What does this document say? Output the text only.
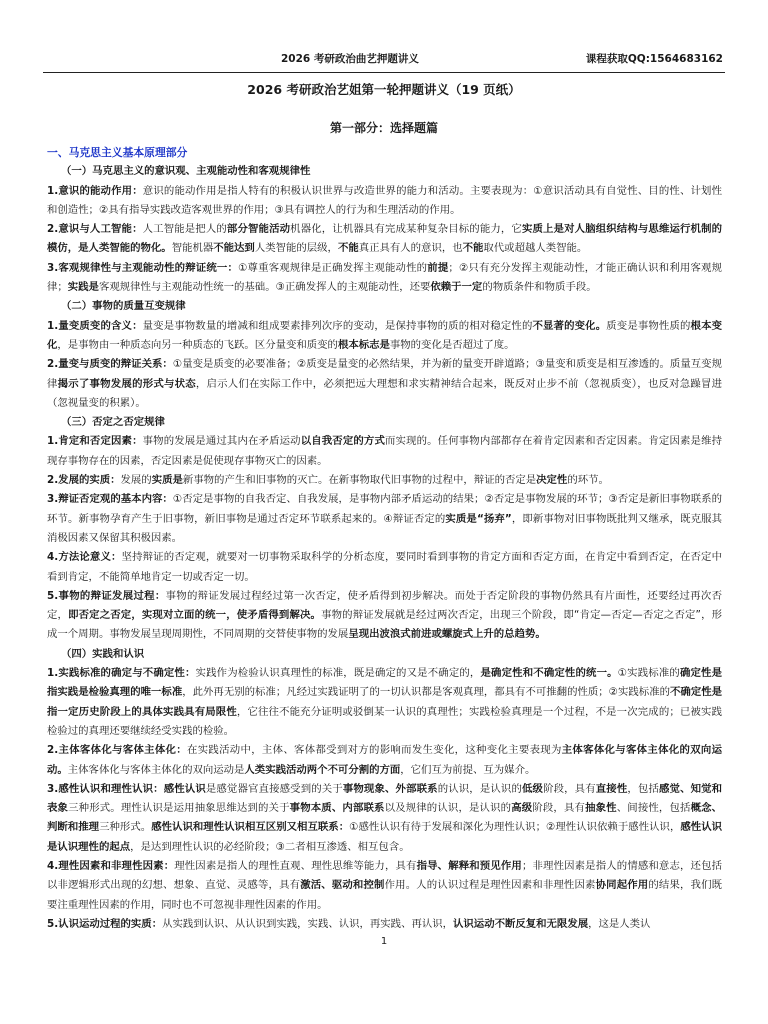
2026 考研政治曲艺押题讲义	课程获取QQ:1564683162
2026 考研政治艺姐第一轮押题讲义（19 页纸）
第一部分：选择题篇
一、马克思主义基本原理部分
（一）马克思主义的意识观、主观能动性和客观规律性
1.意识的能动作用：意识的能动作用是指人特有的积极认识世界与改造世界的能力和活动。主要表现为：①意识活动具有自觉性、目的性、计划性和创造性；②具有指导实践改造客观世界的作用；③具有调控人的行为和生理活动的作用。
2.意识与人工智能：人工智能是把人的部分智能活动机器化，让机器具有完成某种复杂目标的能力，它实质上是对人脑组织结构与思维运行机制的模仿，是人类智能的物化。智能机器不能达到人类智能的层级，不能真正具有人的意识，也不能取代或超越人类智能。
3.客观规律性与主观能动性的辩证统一：①尊重客观规律是正确发挥主观能动性的前提；②只有充分发挥主观能动性，才能正确认识和利用客观规律；实践是客观规律性与主观能动性统一的基础。③正确发挥人的主观能动性，还要依赖于一定的物质条件和物质手段。
（二）事物的质量互变规律
1.量变质变的含义：量变是事物数量的增减和组成要素排列次序的变动，是保持事物的质的相对稳定性的不显著的变化。质变是事物性质的根本变化，是事物由一种质态向另一种质态的飞跃。区分量变和质变的根本标志是事物的变化是否超过了度。
2.量变与质变的辩证关系：①量变是质变的必要准备；②质变是量变的必然结果，并为新的量变开辟道路；③量变和质变是相互渗透的。质量互变规律揭示了事物发展的形式与状态，启示人们在实际工作中，必须把远大理想和求实精神结合起来，既反对止步不前（忽视质变），也反对急躁冒进（忽视量变的积累）。
（三）否定之否定规律
1.肯定和否定因素：事物的发展是通过其内在矛盾运动以自我否定的方式而实现的。任何事物内部都存在着肯定因素和否定因素。肯定因素是维持现存事物存在的因素，否定因素是促使现存事物灭亡的因素。
2.发展的实质：发展的实质是新事物的产生和旧事物的灭亡。在新事物取代旧事物的过程中，辩证的否定是决定性的环节。
3.辩证否定观的基本内容：①否定是事物的自我否定、自我发展，是事物内部矛盾运动的结果；②否定是事物发展的环节；③否定是新旧事物联系的环节。新事物孕育产生于旧事物，新旧事物是通过否定环节联系起来的。④辩证否定的实质是“扬弃”，即新事物对旧事物既批判又继承，既克服其消极因素又保留其积极因素。
4.方法论意义：坚持辩证的否定观，就要对一切事物采取科学的分析态度，要同时看到事物的肯定方面和否定方面，在肯定中看到否定，在否定中看到肯定，不能简单地肯定一切或否定一切。
5.事物的辩证发展过程：事物的辩证发展过程经过第一次否定，使矛盾得到初步解决。而处于否定阶段的事物仍然具有片面性，还要经过再次否定，即否定之否定，实现对立面的统一，使矛盾得到解决。事物的辩证发展就是经过两次否定，出现三个阶段，即“肯定—否定—否定之否定”，形成一个周期。事物发展呈现周期性，不同周期的交替使事物的发展呈现出波浪式前进或螺旋式上升的总趋势。
（四）实践和认识
1.实践标准的确定与不确定性：实践作为检验认识真理性的标准，既是确定的又是不确定的，是确定性和不确定性的统一。①实践标准的确定性是指实践是检验真理的唯一标准，此外再无别的标准；凡经过实践证明了的一切认识都是客观真理，都具有不可推翻的性质；②实践标准的不确定性是指一定历史阶段上的具体实践具有局限性，它往往不能充分证明或驳倒某一认识的真理性；实践检验真理是一个过程，不是一次完成的；已被实践检验过的真理还要继续经受实践的检验。
2.主体客体化与客体主体化：在实践活动中，主体、客体都受到对方的影响而发生变化，这种变化主要表现为主体客体化与客体主体化的双向运动。主体客体化与客体主体化的双向运动是人类实践活动两个不可分割的方面，它们互为前提、互为媒介。
3.感性认识和理性认识：感性认识是感觉器官直接感受到的关于事物现象、外部联系的认识，是认识的低级阶段，具有直接性，包括感觉、知觉和表象三种形式。理性认识是运用抽象思维达到的关于事物本质、内部联系以及规律的认识，是认识的高级阶段，具有抽象性、间接性，包括概念、判断和推理三种形式。感性认识和理性认识相互区别又相互联系：①感性认识有待于发展和深化为理性认识；②理性认识依赖于感性认识，感性认识是认识理性的起点，是达到理性认识的必经阶段；③二者相互渗透、相互包含。
4.理性因素和非理性因素：理性因素是指人的理性直观、理性思维等能力，具有指导、解释和预见作用；非理性因素是指人的情感和意志，还包括以非逻辑形式出现的幻想、想象、直觉、灵感等，具有激活、驱动和控制作用。人的认识过程是理性因素和非理性因素协同起作用的结果，我们既要注重理性因素的作用，同时也不可忽视非理性因素的作用。
5.认识运动过程的实质：从实践到认识、从认识到实践，实践、认识，再实践、再认识，认识运动不断反复和无限发展，这是人类认
1
